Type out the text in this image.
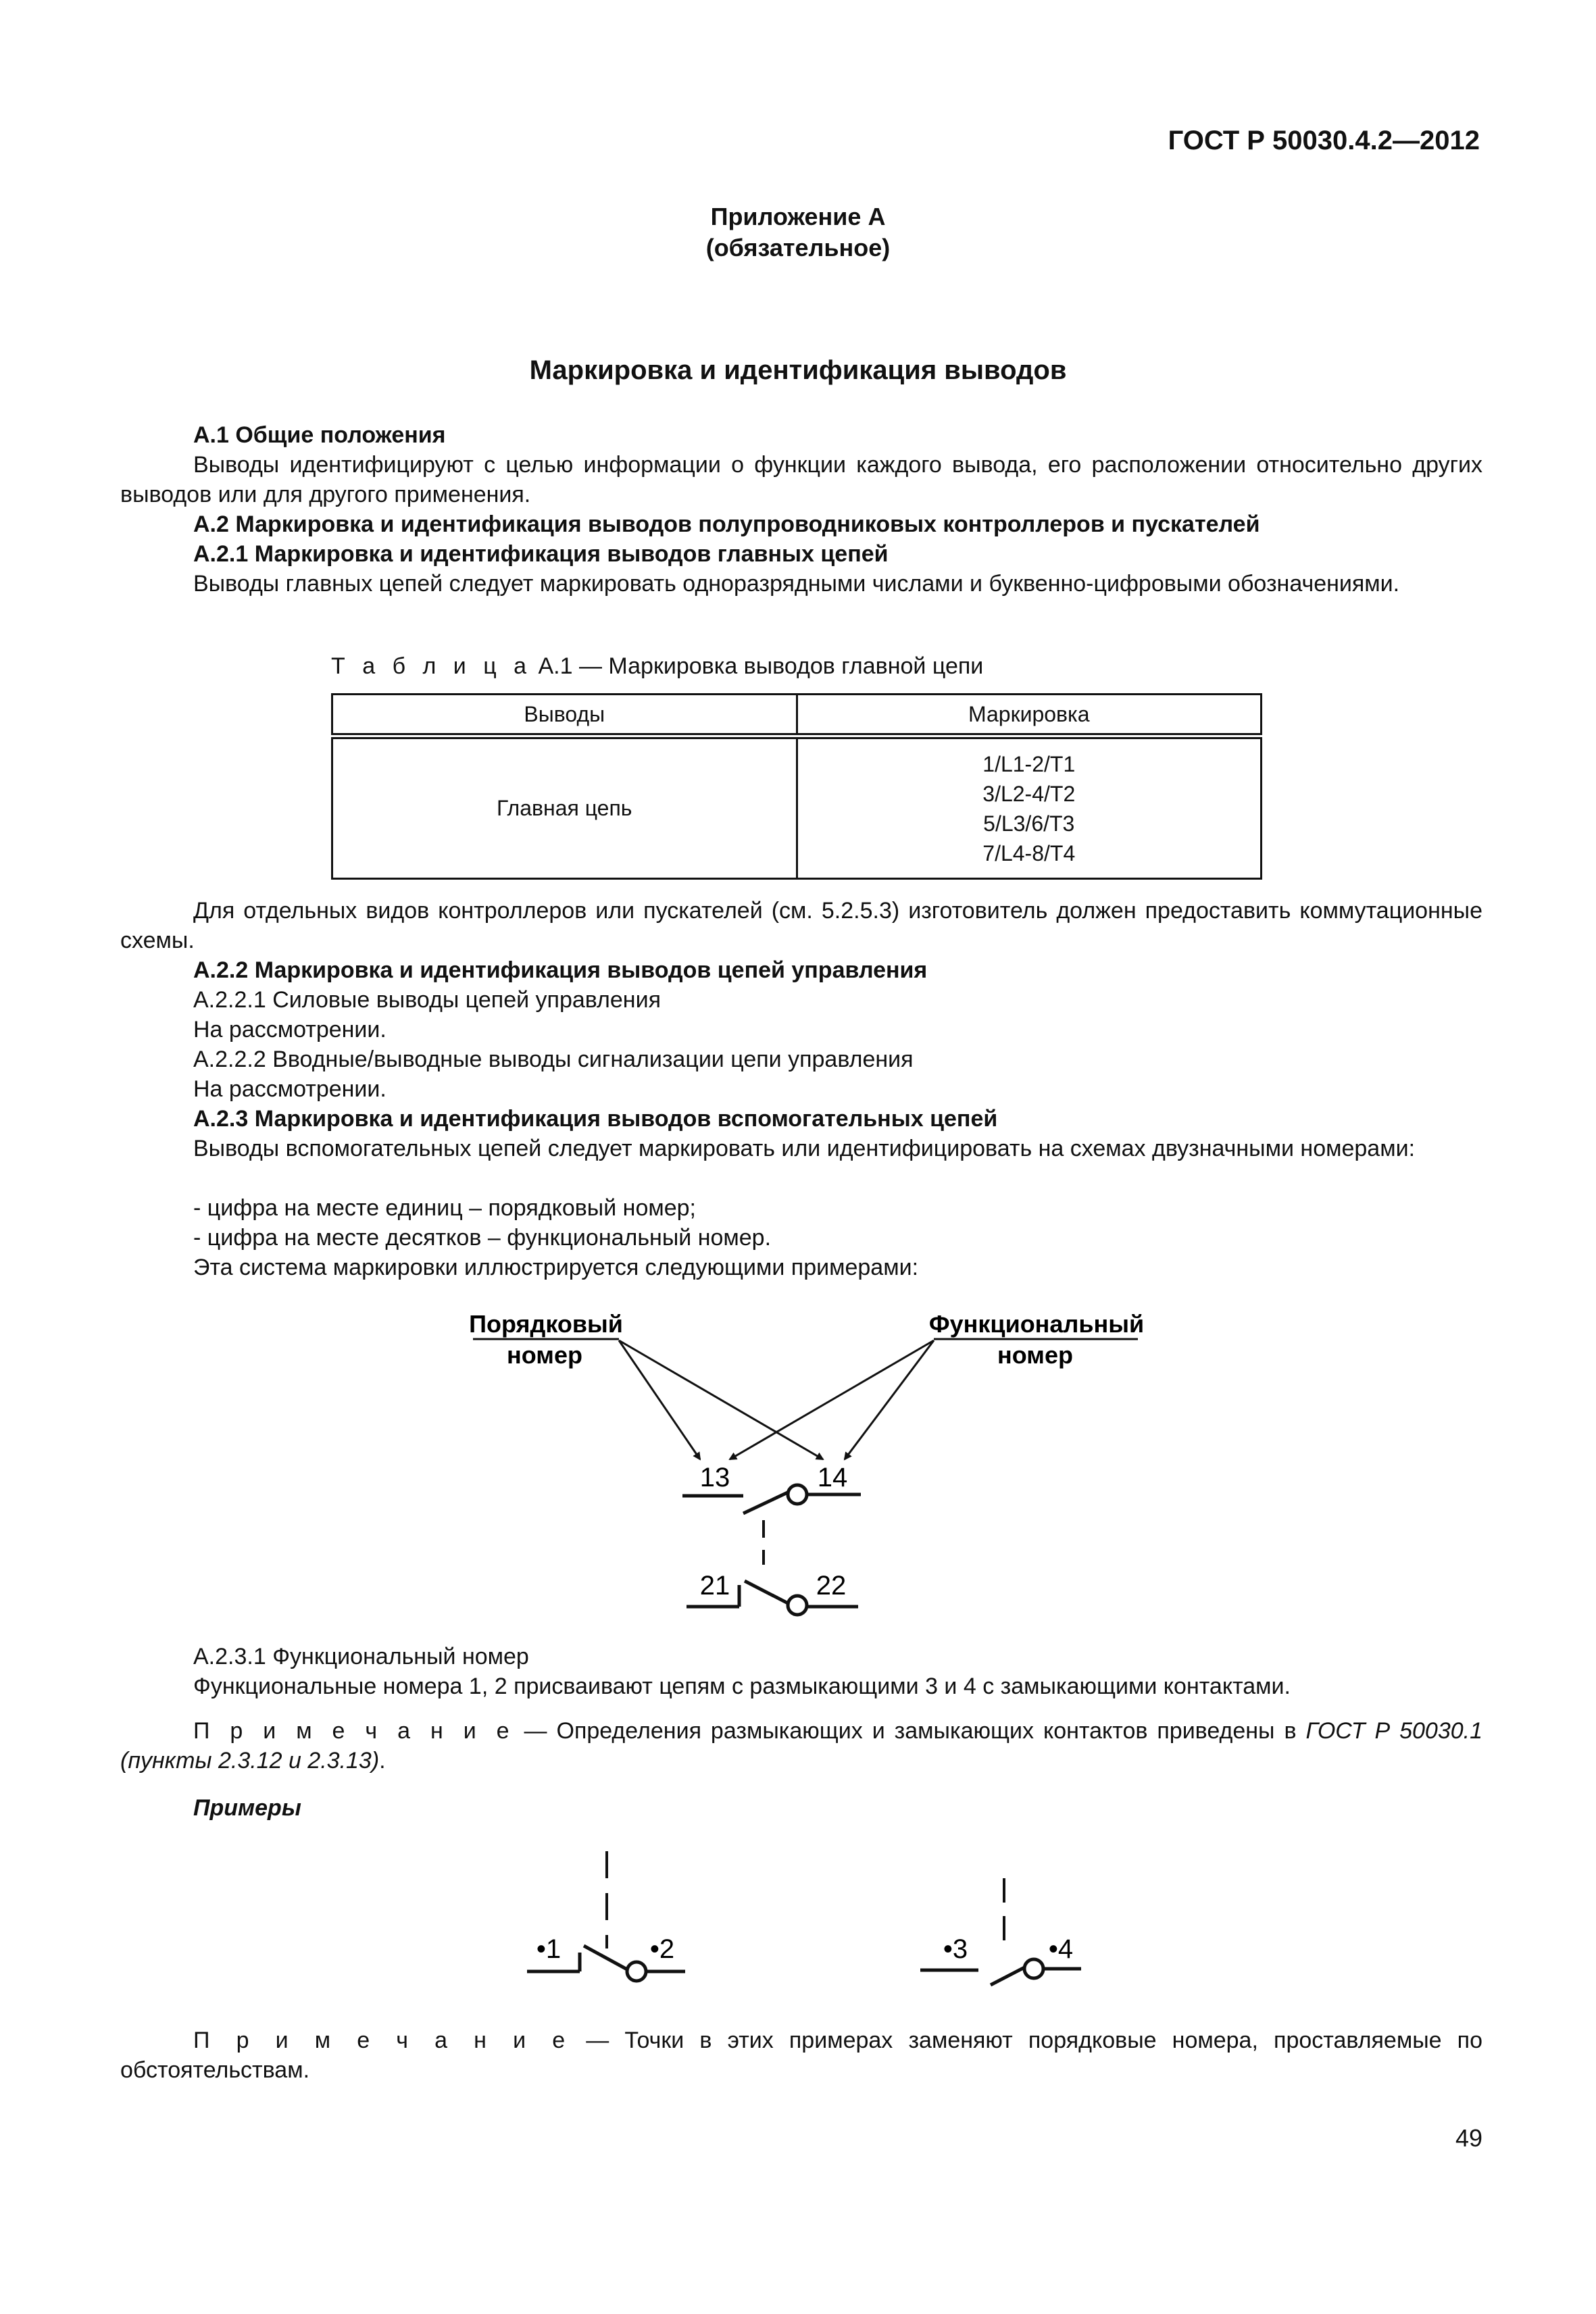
ГОСТ Р 50030.4.2—2012
Приложение А
(обязательное)
Маркировка и идентификация выводов
А.1 Общие положения

Выводы идентифицируют с целью информации о функции каждого вывода, его расположении относительно других выводов или для другого применения.

А.2 Маркировка и идентификация выводов полупроводниковых контроллеров и пускателей
А.2.1 Маркировка и идентификация выводов главных цепей

Выводы главных цепей следует маркировать одноразрядными числами и буквенно-цифровыми обозначениями.

Т а б л и ц а А.1 — Маркировка выводов главной цепи
Выводы	Маркировка
Главная цепь	1/L1-2/T1
3/L2-4/T2
5/L3/6/T3
7/L4-8/T4

Для отдельных видов контроллеров или пускателей (см. 5.2.5.3) изготовитель должен предоставить коммутационные схемы.

А.2.2 Маркировка и идентификация выводов цепей управления
А.2.2.1 Силовые выводы цепей управления
На рассмотрении.
А.2.2.2 Вводные/выводные выводы сигнализации цепи управления
На рассмотрении.
А.2.3 Маркировка и идентификация выводов вспомогательных цепей

Выводы вспомогательных цепей следует маркировать или идентифицировать на схемах двузначными номерами:

- цифра на месте единиц – порядковый номер;
- цифра на месте десятков – функциональный номер.
Эта система маркировки иллюстрируется следующими примерами:
Порядковый
номер
Функциональный
номер
13	14
21	22
•1	•2	•3	•4
А.2.3.1 Функциональный номер
Функциональные номера 1, 2 присваивают цепям с размыкающими 3 и 4 с замыкающими контактами.

П р и м е ч а н и е — Определения размыкающих и замыкающих контактов приведены в ГОСТ Р 50030.1 (пункты 2.3.12 и 2.3.13).

Примеры

П р и м е ч а н и е — Точки в этих примерах заменяют порядковые номера, проставляемые по обстоятельствам.

49
